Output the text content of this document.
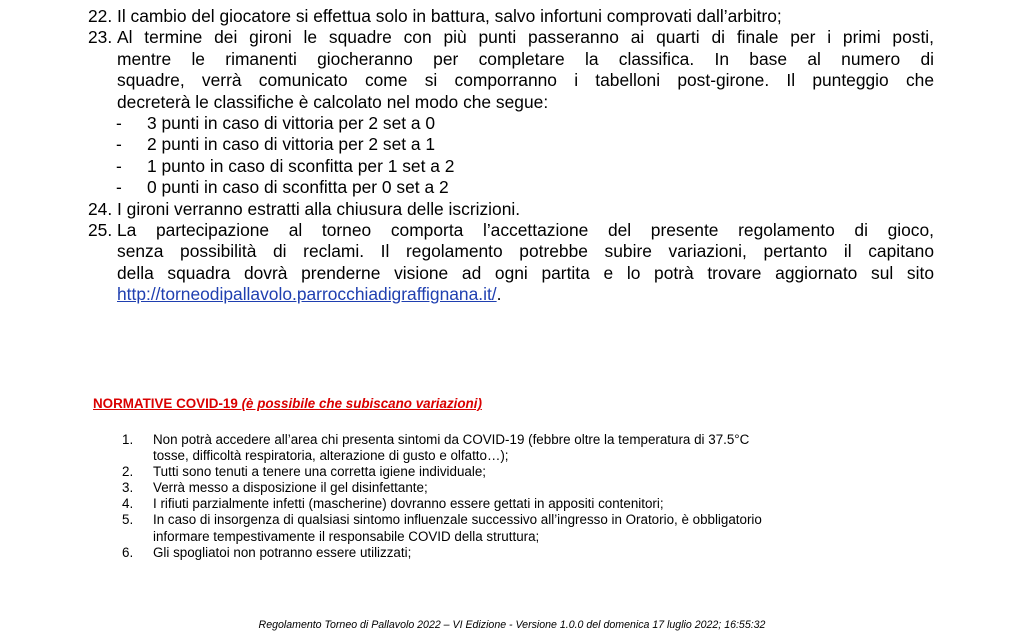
22. Il cambio del giocatore si effettua solo in battura, salvo infortuni comprovati dall’arbitro;
23. Al termine dei gironi le squadre con più punti passeranno ai quarti di finale per i primi posti,
mentre le rimanenti giocheranno per completare la classifica. In base al numero di
squadre, verrà comunicato come si comporranno i tabelloni post-girone. Il punteggio che
decreterà le classifiche è calcolato nel modo che segue:
- 3 punti in caso di vittoria per 2 set a 0
- 2 punti in caso di vittoria per 2 set a 1
- 1 punto in caso di sconfitta per 1 set a 2
- 0 punti in caso di sconfitta per 0 set a 2
24. I gironi verranno estratti alla chiusura delle iscrizioni.
25. La partecipazione al torneo comporta l’accettazione del presente regolamento di gioco,
senza possibilità di reclami. Il regolamento potrebbe subire variazioni, pertanto il capitano
della squadra dovrà prenderne visione ad ogni partita e lo potrà trovare aggiornato sul sito
http://torneodipallavolo.parrocchiadigraffignana.it/.
NORMATIVE COVID-19 (è possibile che subiscano variazioni)
1. Non potrà accedere all’area chi presenta sintomi da COVID-19 (febbre oltre la temperatura di 37.5°C
tosse, difficoltà respiratoria, alterazione di gusto e olfatto…);
2. Tutti sono tenuti a tenere una corretta igiene individuale;
3. Verrà messo a disposizione il gel disinfettante;
4. I rifiuti parzialmente infetti (mascherine) dovranno essere gettati in appositi contenitori;
5. In caso di insorgenza di qualsiasi sintomo influenzale successivo all’ingresso in Oratorio, è obbligatorio
informare tempestivamente il responsabile COVID della struttura;
6. Gli spogliatoi non potranno essere utilizzati;
Regolamento Torneo di Pallavolo 2022 – VI Edizione - Versione 1.0.0 del domenica 17 luglio 2022; 16:55:32
